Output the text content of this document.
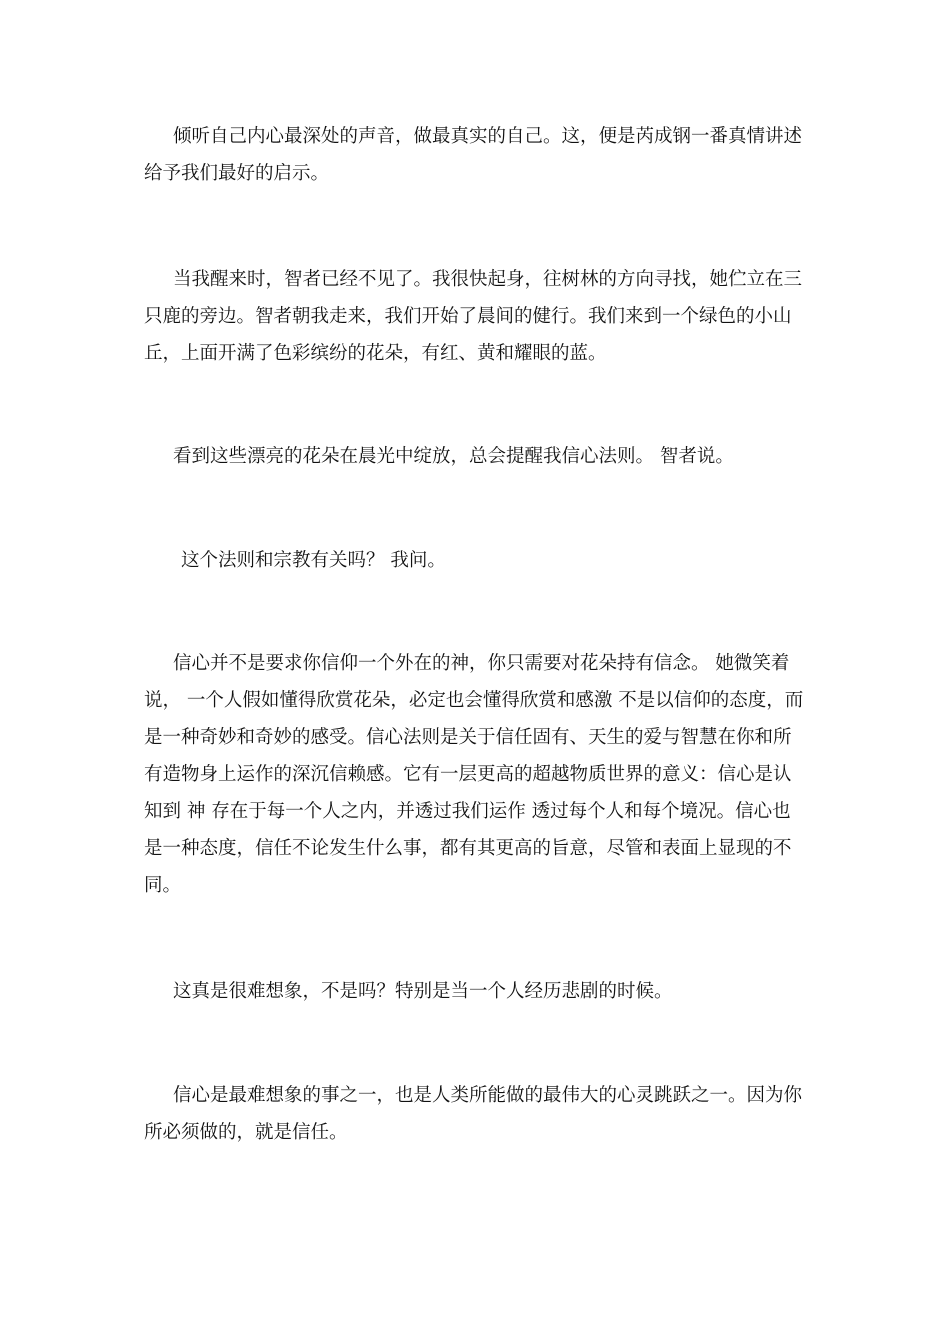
倾听自己内心最深处的声音，做最真实的自己。这，便是芮成钢一番真情讲述给予我们最好的启示。

当我醒来时，智者已经不见了。我很快起身，往树林的方向寻找，她伫立在三只鹿的旁边。智者朝我走来，我们开始了晨间的健行。我们来到一个绿色的小山丘，上面开满了色彩缤纷的花朵，有红、黄和耀眼的蓝。

看到这些漂亮的花朵在晨光中绽放，总会提醒我信心法则。 智者说。

这个法则和宗教有关吗？ 我问。

信心并不是要求你信仰一个外在的神，你只需要对花朵持有信念。 她微笑着说， 一个人假如懂得欣赏花朵，必定也会懂得欣赏和感激 不是以信仰的态度，而是一种奇妙和奇妙的感受。信心法则是关于信任固有、天生的爱与智慧在你和所有造物身上运作的深沉信赖感。它有一层更高的超越物质世界的意义：信心是认知到 神 存在于每一个人之内，并透过我们运作 透过每个人和每个境况。信心也是一种态度，信任不论发生什么事，都有其更高的旨意，尽管和表面上显现的不同。

这真是很难想象，不是吗？特别是当一个人经历悲剧的时候。

信心是最难想象的事之一，也是人类所能做的最伟大的心灵跳跃之一。因为你所必须做的，就是信任。
